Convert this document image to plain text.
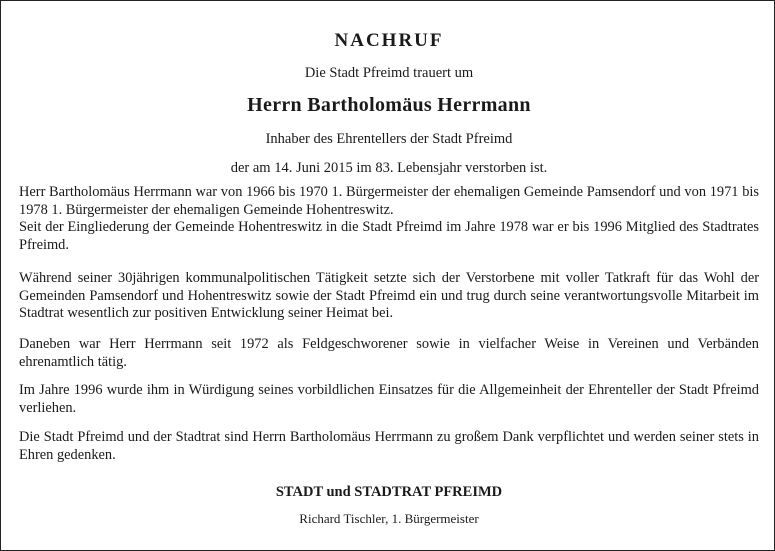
NACHRUF

Die Stadt Pfreimd trauert um

Herrn Bartholomäus Herrmann

Inhaber des Ehrentellers der Stadt Pfreimd

der am 14. Juni 2015 im 83. Lebensjahr verstorben ist.

Herr Bartholomäus Herrmann war von 1966 bis 1970 1. Bürgermeister der ehemaligen Gemeinde Pamsendorf und von 1971 bis 1978 1. Bürgermeister der ehemaligen Gemeinde Hohentreswitz.

Seit der Eingliederung der Gemeinde Hohentreswitz in die Stadt Pfreimd im Jahre 1978 war er bis 1996 Mitglied des Stadtrates Pfreimd.

Während seiner 30jährigen kommunalpolitischen Tätigkeit setzte sich der Verstorbene mit voller Tatkraft für das Wohl der Gemeinden Pamsendorf und Hohentreswitz sowie der Stadt Pfreimd ein und trug durch seine verantwortungsvolle Mitarbeit im Stadtrat wesentlich zur positiven Entwicklung seiner Heimat bei.

Daneben war Herr Herrmann seit 1972 als Feldgeschworener sowie in vielfacher Weise in Vereinen und Verbänden ehrenamtlich tätig.

Im Jahre 1996 wurde ihm in Würdigung seines vorbildlichen Einsatzes für die Allgemeinheit der Ehrenteller der Stadt Pfreimd verliehen.

Die Stadt Pfreimd und der Stadtrat sind Herrn Bartholomäus Herrmann zu großem Dank verpflichtet und werden seiner stets in Ehren gedenken.

STADT und STADTRAT PFREIMD

Richard Tischler, 1. Bürgermeister
